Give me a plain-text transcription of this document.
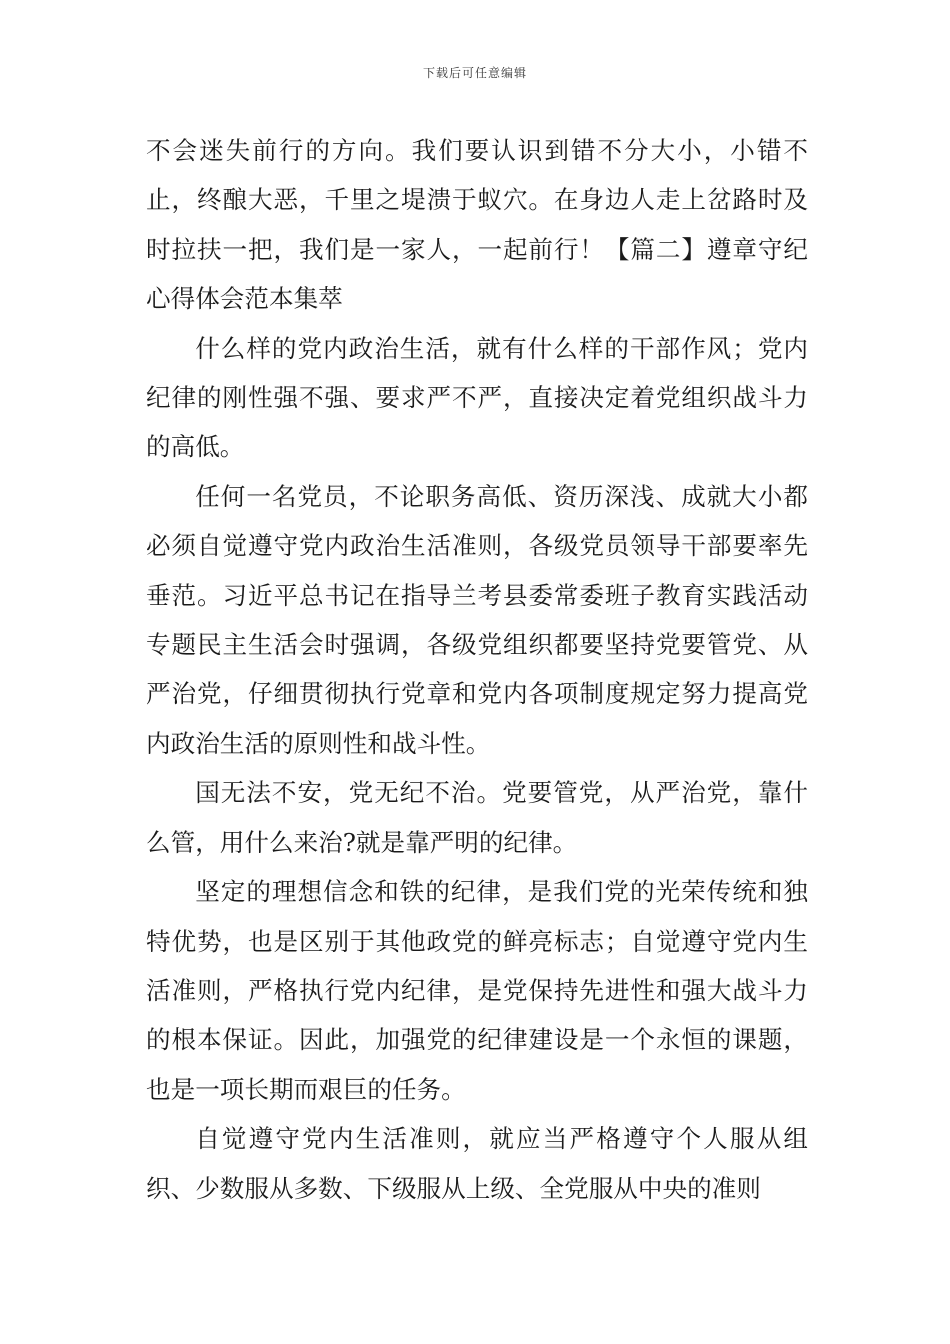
下载后可任意编辑

不会迷失前行的方向。我们要认识到错不分大小，小错不止，终酿大恶，千里之堤溃于蚁穴。在身边人走上岔路时及时拉扶一把，我们是一家人，一起前行！【篇二】遵章守纪心得体会范本集萃

什么样的党内政治生活，就有什么样的干部作风；党内纪律的刚性强不强、要求严不严，直接决定着党组织战斗力的高低。

任何一名党员，不论职务高低、资历深浅、成就大小都必须自觉遵守党内政治生活准则，各级党员领导干部要率先垂范。习近平总书记在指导兰考县委常委班子教育实践活动专题民主生活会时强调，各级党组织都要坚持党要管党、从严治党，仔细贯彻执行党章和党内各项制度规定努力提高党内政治生活的原则性和战斗性。

国无法不安，党无纪不治。党要管党，从严治党，靠什么管，用什么来治?就是靠严明的纪律。

坚定的理想信念和铁的纪律，是我们党的光荣传统和独特优势，也是区别于其他政党的鲜亮标志；自觉遵守党内生活准则，严格执行党内纪律，是党保持先进性和强大战斗力的根本保证。因此，加强党的纪律建设是一个永恒的课题，也是一项长期而艰巨的任务。

自觉遵守党内生活准则，就应当严格遵守个人服从组织、少数服从多数、下级服从上级、全党服从中央的准则
